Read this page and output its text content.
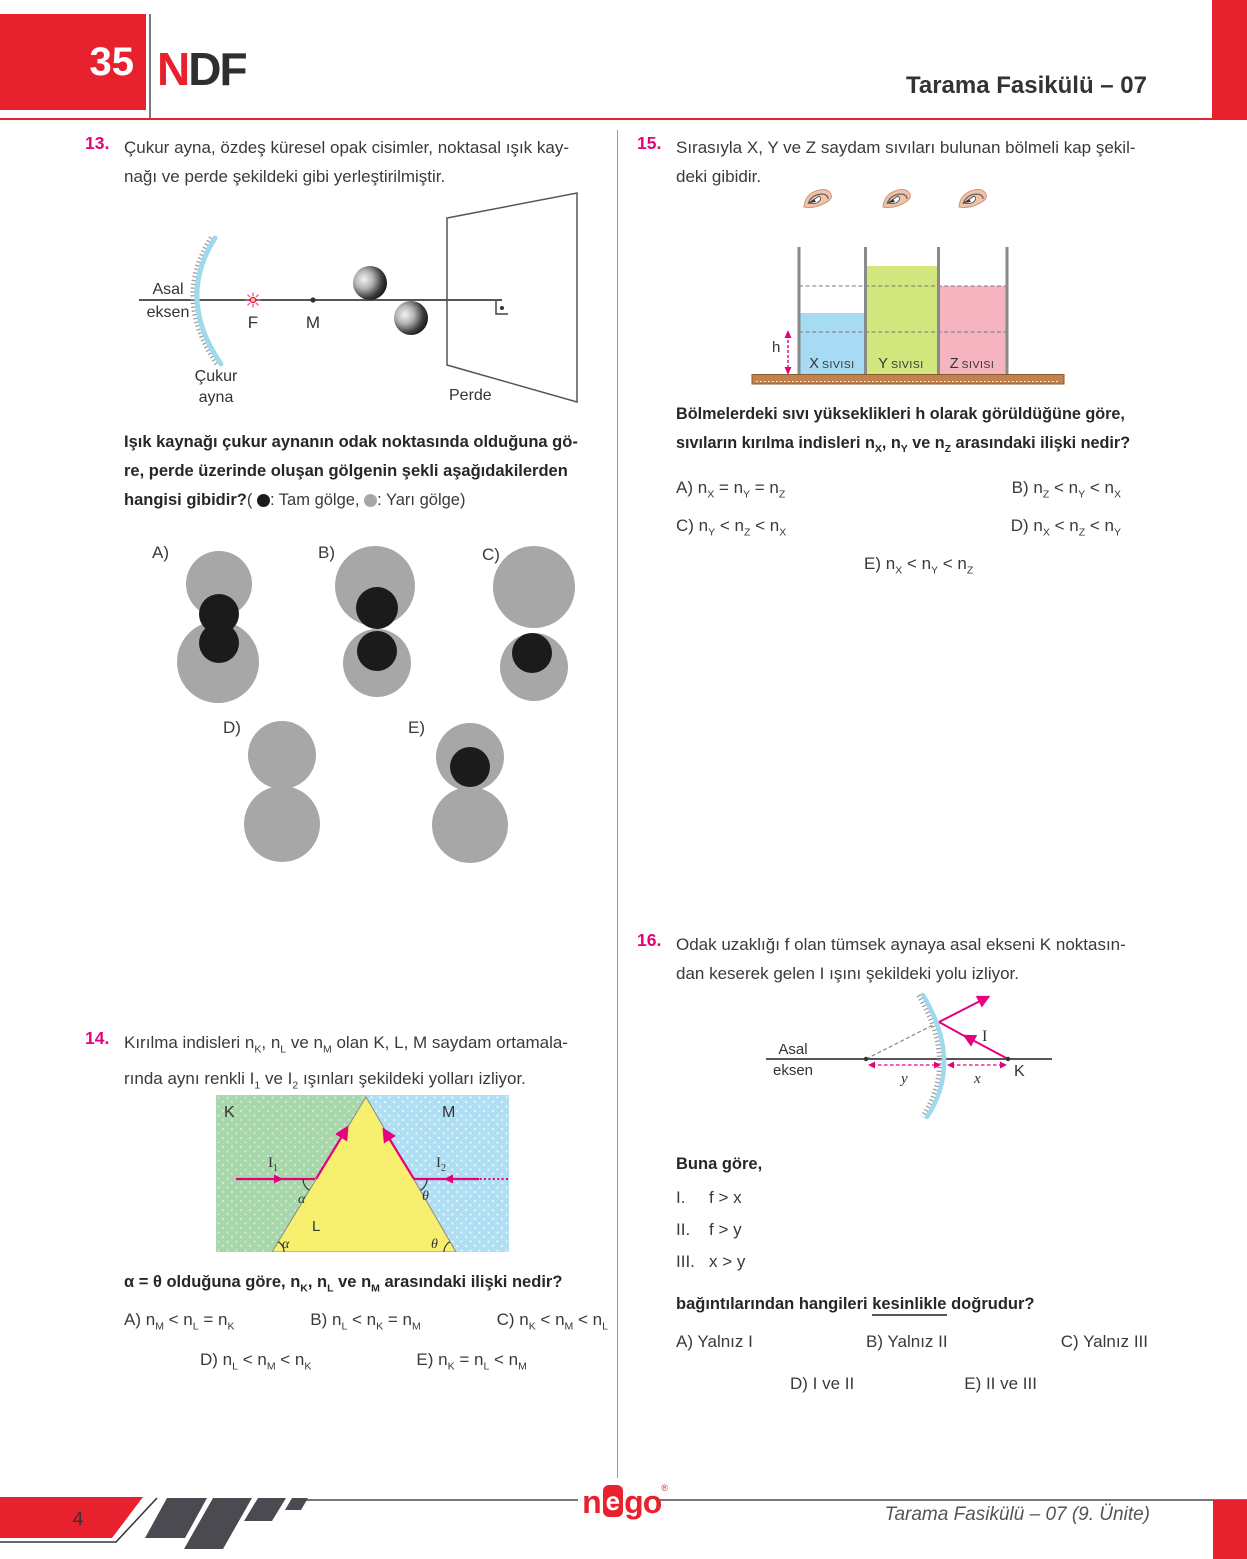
35 NDF	Tarama Fasikülü – 07
13. Çukur ayna, özdeş küresel opak cisimler, noktasal ışık kay-
nağı ve perde şekildeki gibi yerleştirilmiştir.
Asal
eksen
F	M
Çukur
ayna	Perde
Işık kaynağı çukur aynanın odak noktasında olduğuna gö-
re, perde üzerinde oluşan gölgenin şekli aşağıdakilerden
hangisi gibidir?( : Tam gölge, : Yarı gölge)
A)	B)	C)
D)	E)
14. Kırılma indisleri $n_K$, $n_L$ ve $n_M$ olan K, L, M saydam ortamala-
rında aynı renkli $I_1$ ve $I_2$ ışınları şekildeki yolları izliyor.
K	M
L
$I_1$	$I_2$
α
α
θ
θ
α = θ olduğuna göre, $n_K$, $n_L$ ve $n_M$ arasındaki ilişki nedir?
A) $n_M < n_L = n_K$	B) $n_L < n_K = n_M$	C) $n_K < n_M < n_L$
D) $n_L < n_M < n_K$	E) $n_K = n_L < n_M$
15. Sırasıyla X, Y ve Z saydam sıvıları bulunan bölmeli kap şekil-
deki gibidir.
h
X SIVISI Y SIVISI Z SIVISI
Bölmelerdeki sıvı yükseklikleri h olarak görüldüğüne göre,
sıvıların kırılma indisleri $n_X$, $n_Y$ ve $n_Z$ arasındaki ilişki nedir?
A) $n_X = n_Y = n_Z$	B) $n_Z < n_Y < n_X$
C) $n_Y < n_Z < n_X$	D) $n_X < n_Z < n_Y$
E) $n_X < n_Y < n_Z$
16. Odak uzaklığı f olan tümsek aynaya asal ekseni K noktasın-
dan keserek gelen I ışını şekildeki yolu izliyor.
Asal
eksen
I
K
y	x
Buna göre,
I. f > x
II. f > y
III. x > y
bağıntılarından hangileri kesinlikle doğrudur?
A) Yalnız I	B) Yalnız II	C) Yalnız III
D) I ve II	E) II ve III
4	n e go ®
Tarama Fasikülü – 07 (9. Ünite)
